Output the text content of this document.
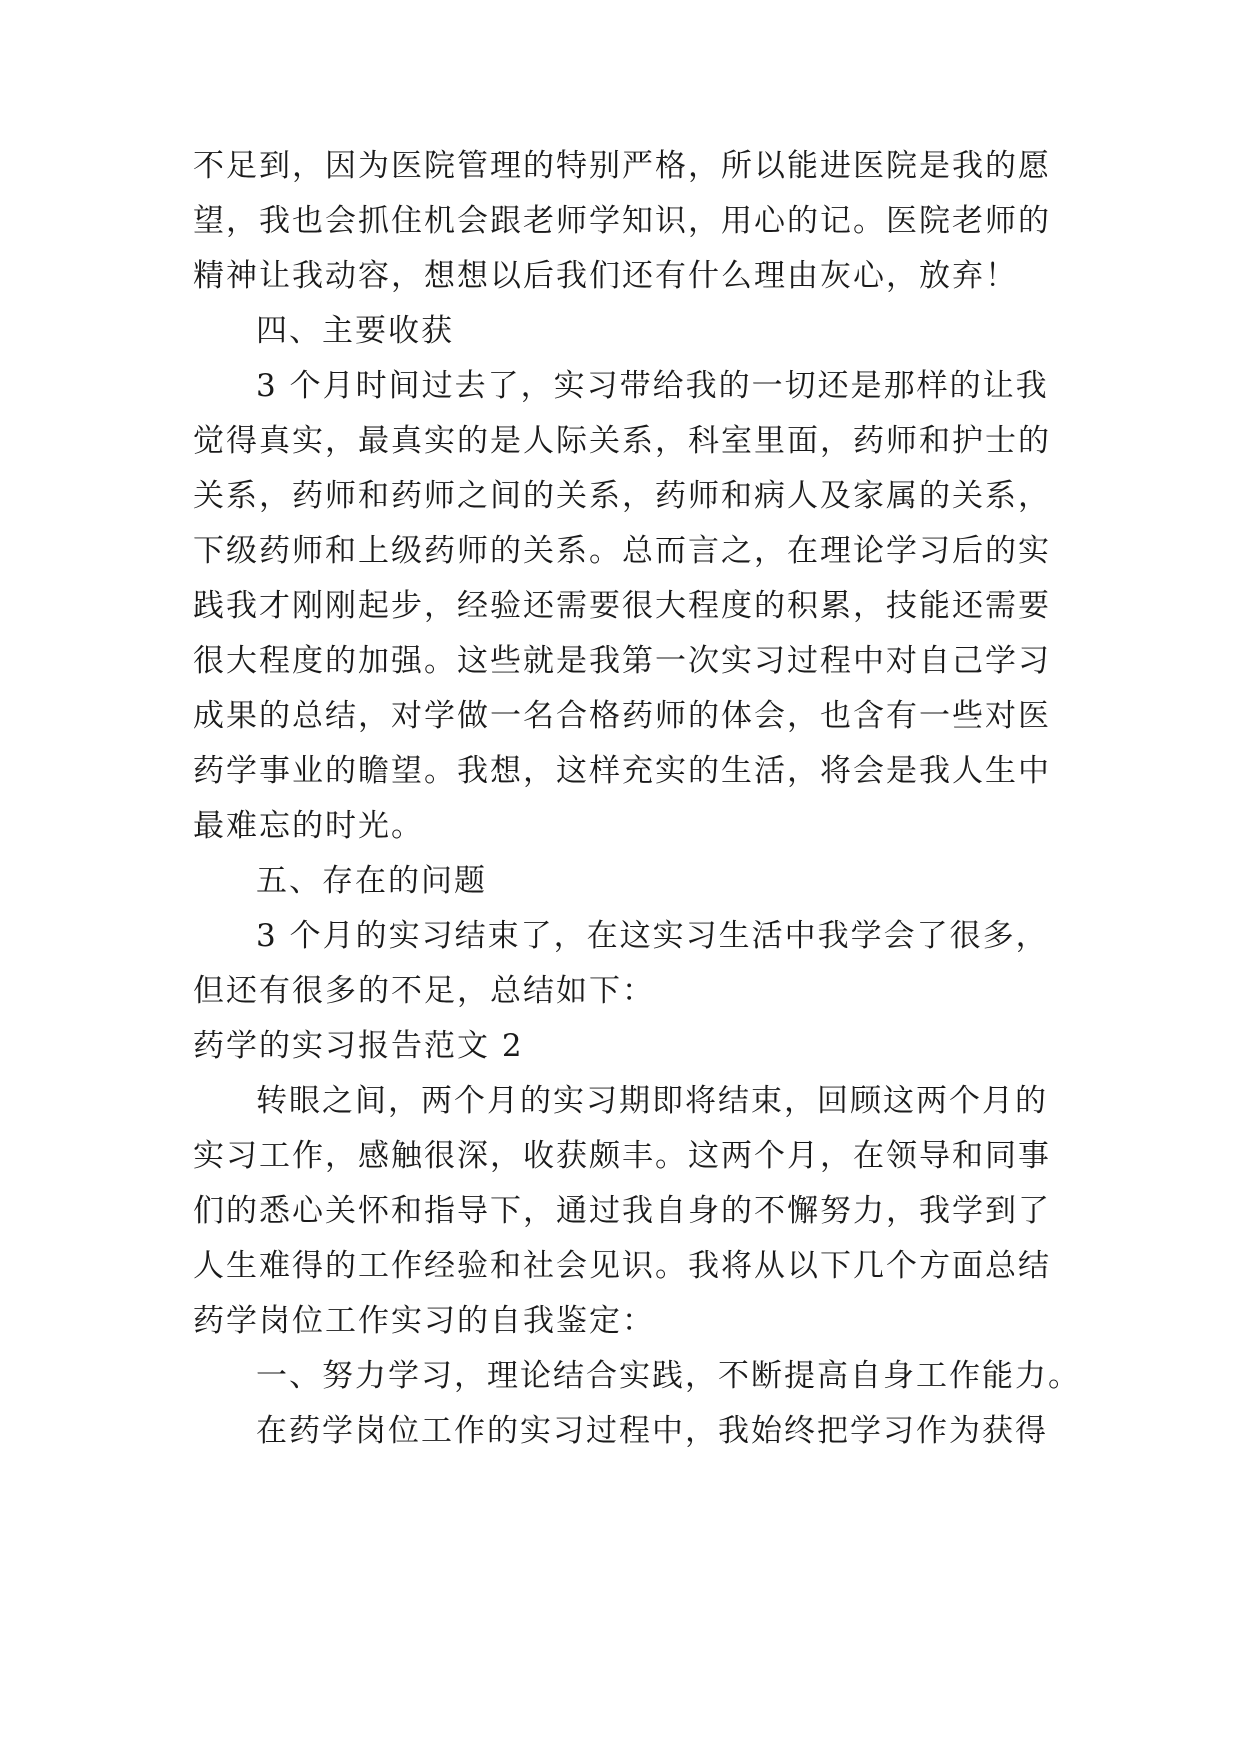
不足到，因为医院管理的特别严格，所以能进医院是我的愿
望，我也会抓住机会跟老师学知识，用心的记。医院老师的
精神让我动容，想想以后我们还有什么理由灰心，放弃！
四、主要收获
3 个月时间过去了，实习带给我的一切还是那样的让我
觉得真实，最真实的是人际关系，科室里面，药师和护士的
关系，药师和药师之间的关系，药师和病人及家属的关系，
下级药师和上级药师的关系。总而言之，在理论学习后的实
践我才刚刚起步，经验还需要很大程度的积累，技能还需要
很大程度的加强。这些就是我第一次实习过程中对自己学习
成果的总结，对学做一名合格药师的体会，也含有一些对医
药学事业的瞻望。我想，这样充实的生活，将会是我人生中
最难忘的时光。
五、存在的问题
3 个月的实习结束了，在这实习生活中我学会了很多，
但还有很多的不足，总结如下：
药学的实习报告范文 2
转眼之间，两个月的实习期即将结束，回顾这两个月的
实习工作，感触很深，收获颇丰。这两个月，在领导和同事
们的悉心关怀和指导下，通过我自身的不懈努力，我学到了
人生难得的工作经验和社会见识。我将从以下几个方面总结
药学岗位工作实习的自我鉴定：
一、努力学习，理论结合实践，不断提高自身工作能力。
在药学岗位工作的实习过程中，我始终把学习作为获得
